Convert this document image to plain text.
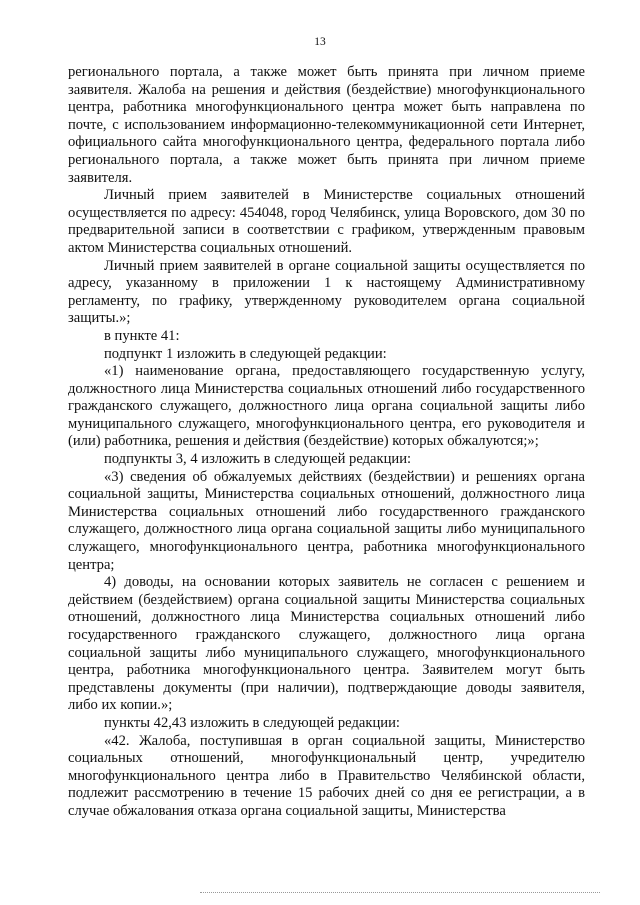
13

регионального портала, а также может быть принята при личном приеме заявителя. Жалоба на решения и действия (бездействие) многофункционального центра, работника многофункционального центра может быть направлена по почте, с использованием информационно-телекоммуникационной сети Интернет, официального сайта многофункционального центра, федерального портала либо регионального портала, а также может быть принята при личном приеме заявителя.

Личный прием заявителей в Министерстве социальных отношений осуществляется по адресу: 454048, город Челябинск, улица Воровского, дом 30 по предварительной записи в соответствии с графиком, утвержденным правовым актом Министерства социальных отношений.

Личный прием заявителей в органе социальной защиты осуществляется по адресу, указанному в приложении 1 к настоящему Административному регламенту, по графику, утвержденному руководителем органа социальной защиты.»;

в пункте 41:

подпункт 1 изложить в следующей редакции:

«1) наименование органа, предоставляющего государственную услугу, должностного лица Министерства социальных отношений либо государственного гражданского служащего, должностного лица органа социальной защиты либо муниципального служащего, многофункционального центра, его руководителя и (или) работника, решения и действия (бездействие) которых обжалуются;»;

подпункты 3, 4 изложить в следующей редакции:

«3) сведения об обжалуемых действиях (бездействии) и решениях органа социальной защиты, Министерства социальных отношений, должностного лица Министерства социальных отношений либо государственного гражданского служащего, должностного лица органа социальной защиты либо муниципального служащего, многофункционального центра, работника многофункционального центра;

4) доводы, на основании которых заявитель не согласен с решением и действием (бездействием) органа социальной защиты Министерства социальных отношений, должностного лица Министерства социальных отношений либо государственного гражданского служащего, должностного лица органа социальной защиты либо муниципального служащего, многофункционального центра, работника многофункционального центра. Заявителем могут быть представлены документы (при наличии), подтверждающие доводы заявителя, либо их копии.»;

пункты 42,43 изложить в следующей редакции:

«42. Жалоба, поступившая в орган социальной защиты, Министерство социальных отношений, многофункциональный центр, учредителю многофункционального центра либо в Правительство Челябинской области, подлежит рассмотрению в течение 15 рабочих дней со дня ее регистрации, а в случае обжалования отказа органа социальной защиты, Министерства
